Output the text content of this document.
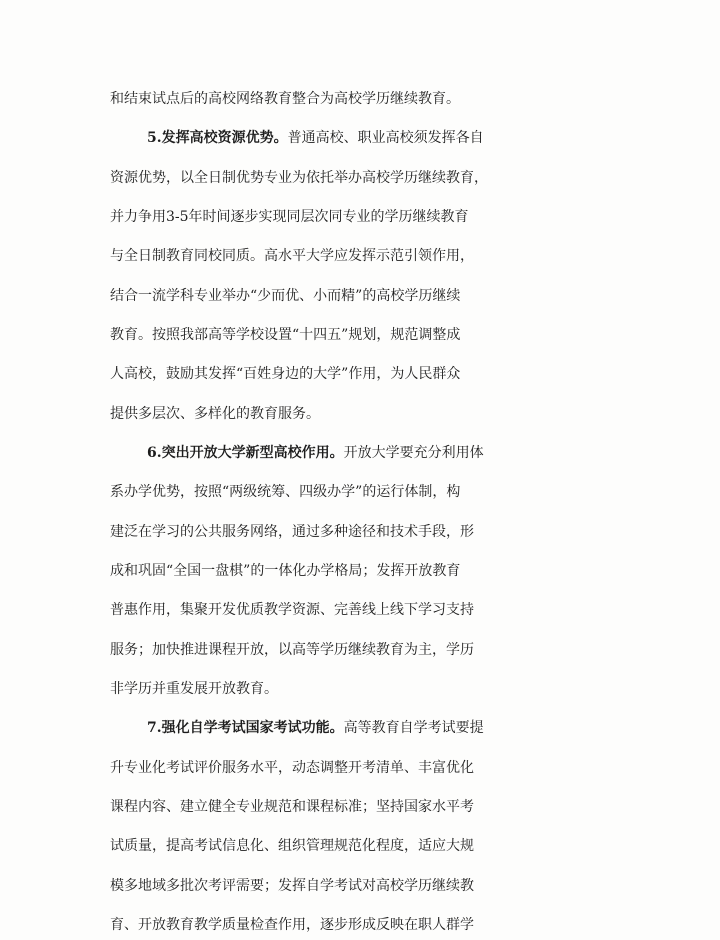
和结束试点后的高校网络教育整合为高校学历继续教育。
5.发挥高校资源优势。普通高校、职业高校须发挥各自
资源优势，以全日制优势专业为依托举办高校学历继续教育，
并力争用3-5年时间逐步实现同层次同专业的学历继续教育
与全日制教育同校同质。高水平大学应发挥示范引领作用，
结合一流学科专业举办“少而优、小而精”的高校学历继续
教育。按照我部高等学校设置“十四五”规划，规范调整成
人高校，鼓励其发挥“百姓身边的大学”作用，为人民群众
提供多层次、多样化的教育服务。
6.突出开放大学新型高校作用。开放大学要充分利用体
系办学优势，按照“两级统筹、四级办学”的运行体制，构
建泛在学习的公共服务网络，通过多种途径和技术手段，形
成和巩固“全国一盘棋”的一体化办学格局；发挥开放教育
普惠作用，集聚开发优质教学资源、完善线上线下学习支持
服务；加快推进课程开放，以高等学历继续教育为主，学历
非学历并重发展开放教育。
7.强化自学考试国家考试功能。高等教育自学考试要提
升专业化考试评价服务水平，动态调整开考清单、丰富优化
课程内容、建立健全专业规范和课程标准；坚持国家水平考
试质量，提高考试信息化、组织管理规范化程度，适应大规
模多地域多批次考评需要；发挥自学考试对高校学历继续教
育、开放教育教学质量检查作用，逐步形成反映在职人群学
